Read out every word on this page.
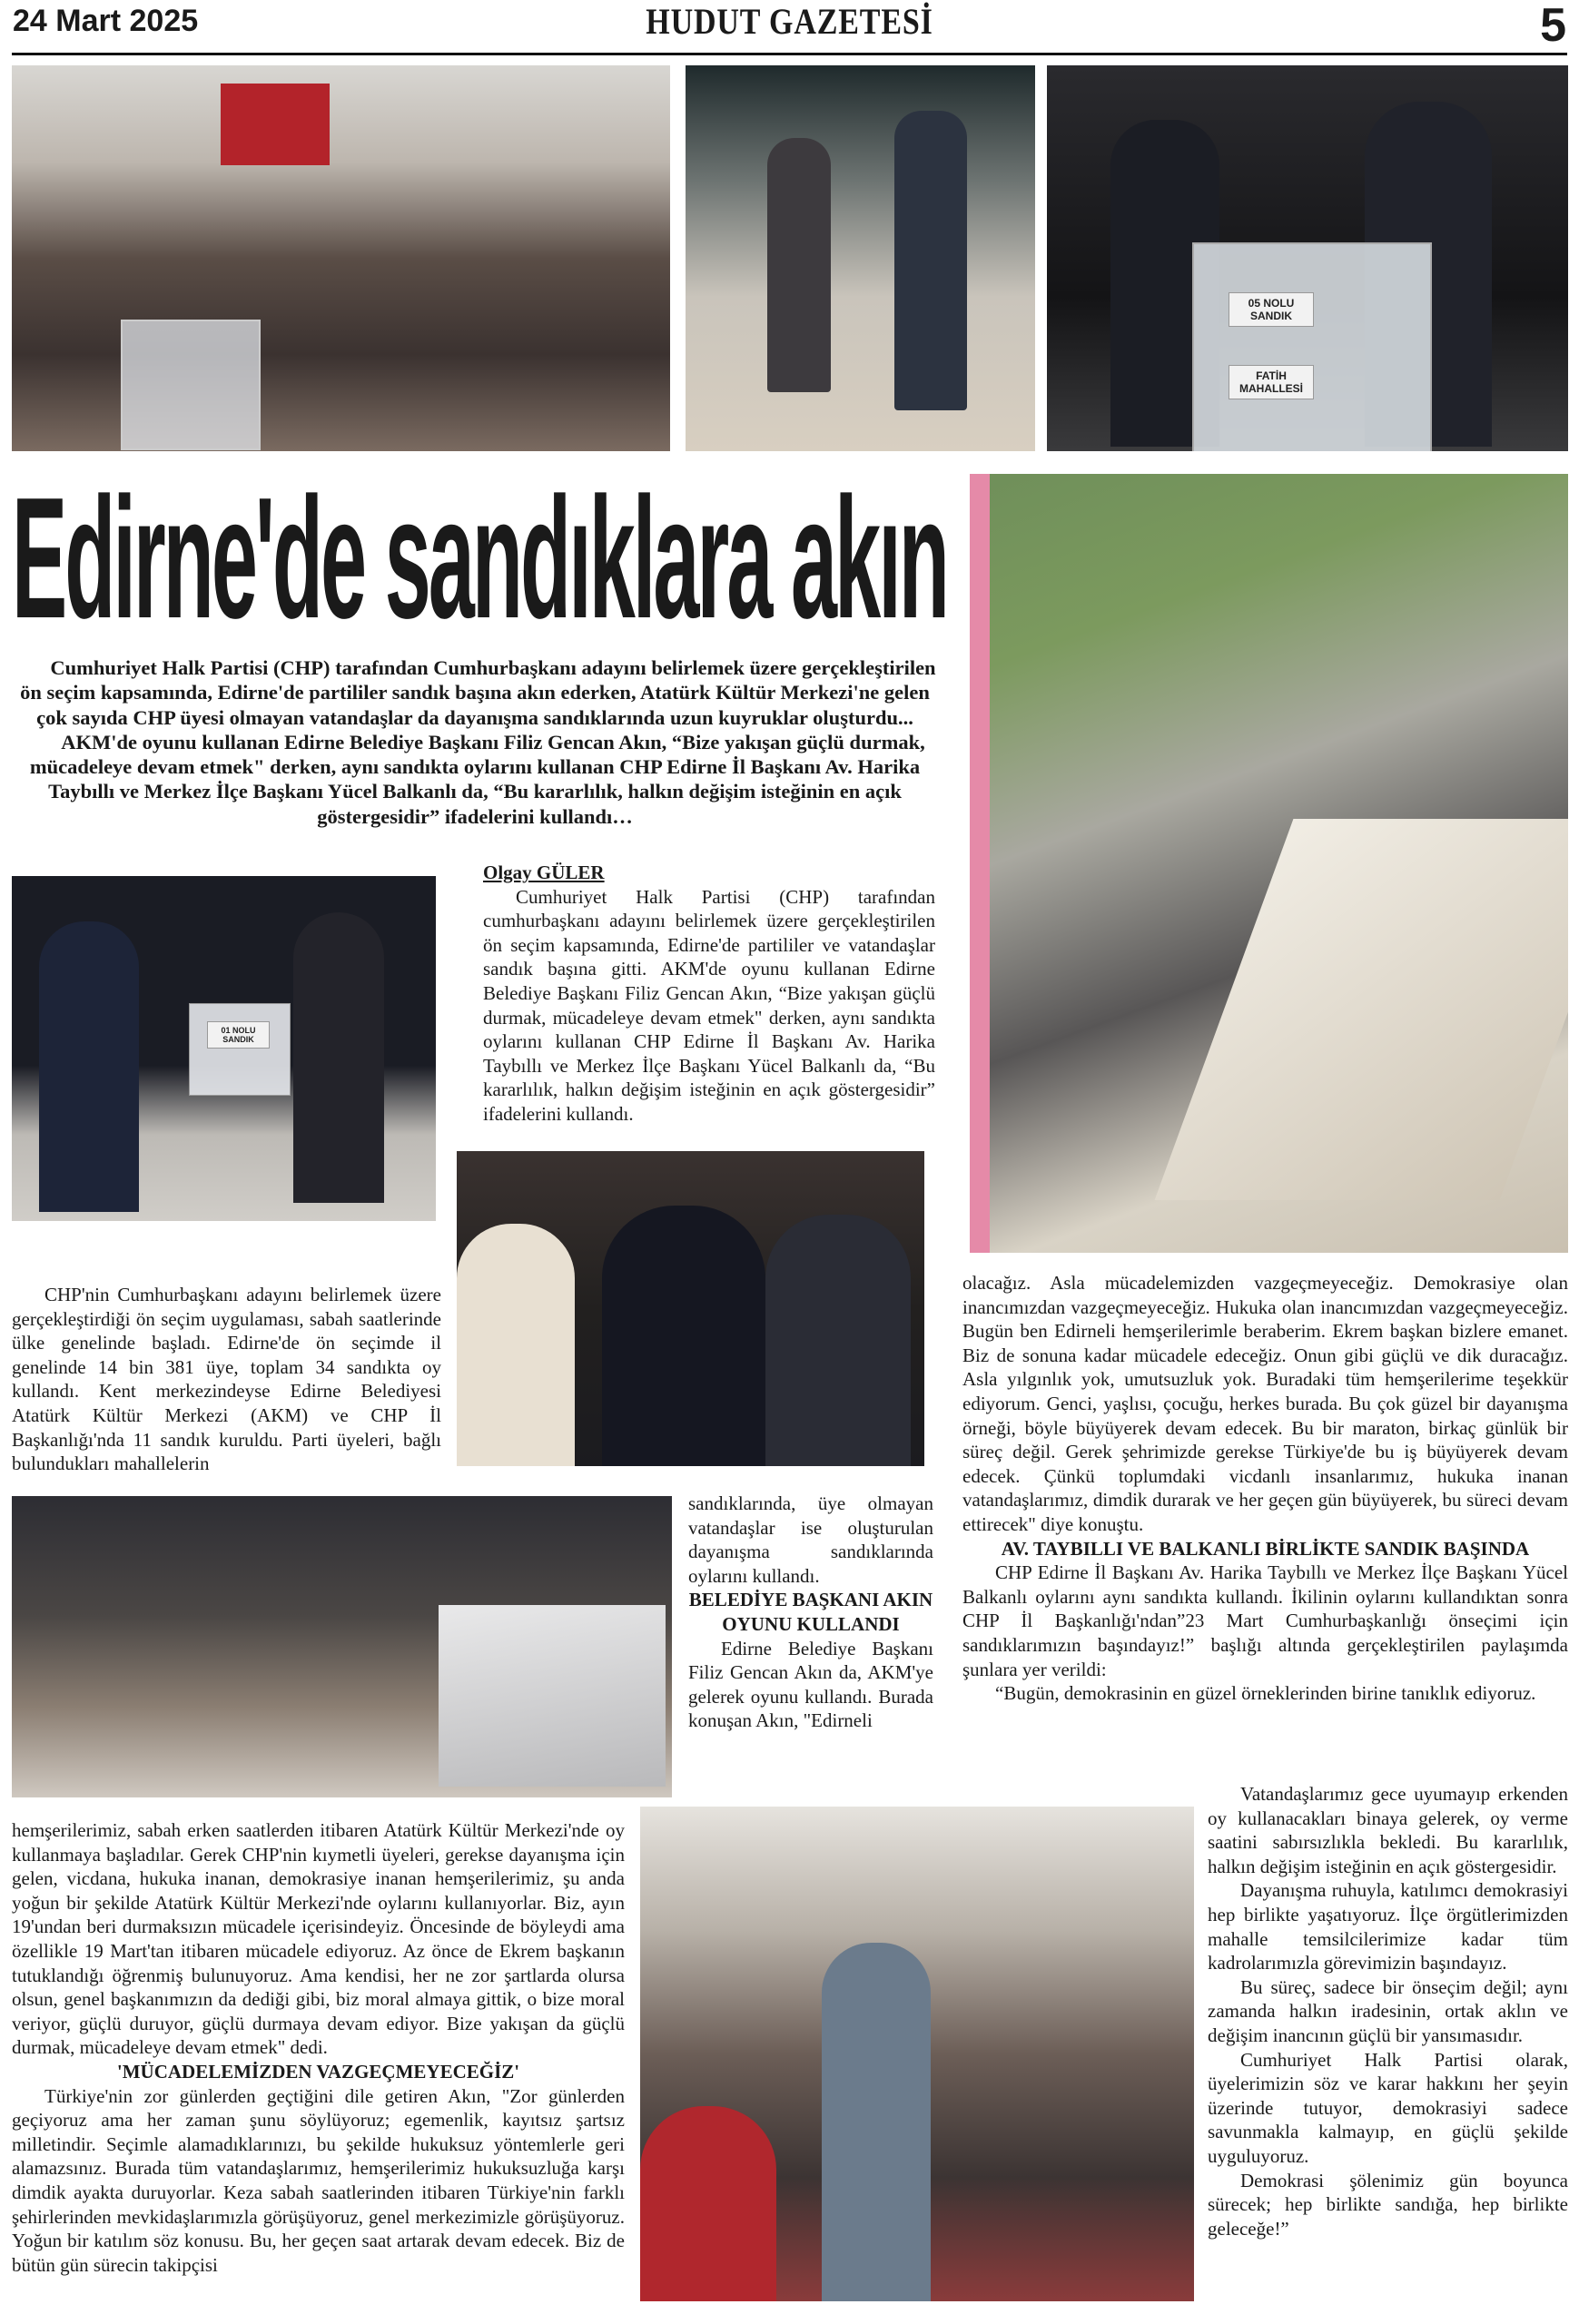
24 Mart 2025	HUDUT GAZETESİ	5
05 NOLU SANDIK
FATİH MAHALLESİ
Edirne'de sandıklara akın

Cumhuriyet Halk Partisi (CHP) tarafından Cumhurbaşkanı adayını belirlemek üzere gerçekleştirilen ön seçim kapsamında, Edirne'de partililer sandık başına akın ederken, Atatürk Kültür Merkezi'ne gelen çok sayıda CHP üyesi olmayan vatandaşlar da dayanışma sandıklarında uzun kuyruklar oluşturdu...

AKM'de oyunu kullanan Edirne Belediye Başkanı Filiz Gencan Akın, “Bize yakışan güçlü durmak, mücadeleye devam etmek" derken, aynı sandıkta oylarını kullanan CHP Edirne İl Başkanı Av. Harika Taybıllı ve Merkez İlçe Başkanı Yücel Balkanlı da, “Bu kararlılık, halkın değişim isteğinin en açık göstergesidir” ifadelerini kullandı…

01 NOLU SANDIK

Olgay GÜLER

Cumhuriyet Halk Partisi (CHP) tarafından cumhurbaşkanı adayını belirlemek üzere gerçekleştirilen ön seçim kapsamında, Edirne'de partililer ve vatandaşlar sandık başına gitti. AKM'de oyunu kullanan Edirne Belediye Başkanı Filiz Gencan Akın, “Bize yakışan güçlü durmak, mücadeleye devam etmek" derken, aynı sandıkta oylarını kullanan CHP Edirne İl Başkanı Av. Harika Taybıllı ve Merkez İlçe Başkanı Yücel Balkanlı da, “Bu kararlılık, halkın değişim isteğinin en açık göstergesidir” ifadelerini kullandı.

CHP'nin Cumhurbaşkanı adayını belirlemek üzere gerçekleştirdiği ön seçim uygulaması, sabah saatlerinde ülke genelinde başladı. Edirne'de ön seçimde il genelinde 14 bin 381 üye, toplam 34 sandıkta oy kullandı. Kent merkezindeyse Edirne Belediyesi Atatürk Kültür Merkezi (AKM) ve CHP İl Başkanlığı'nda 11 sandık kuruldu. Parti üyeleri, bağlı bulundukları mahallelerin

sandıklarında, üye olmayan vatandaşlar ise oluşturulan dayanışma sandıklarında oylarını kullandı.

BELEDİYE BAŞKANI AKIN OYUNU KULLANDI

Edirne Belediye Başkanı Filiz Gencan Akın da, AKM'ye gelerek oyunu kullandı. Burada konuşan Akın, "Edirneli

olacağız. Asla mücadelemizden vazgeçmeyeceğiz. Demokrasiye olan inancımızdan vazgeçmeyeceğiz. Hukuka olan inancımızdan vazgeçmeyeceğiz. Bugün ben Edirneli hemşerilerimle beraberim. Ekrem başkan bizlere emanet. Biz de sonuna kadar mücadele edeceğiz. Onun gibi güçlü ve dik duracağız. Asla yılgınlık yok, umutsuzluk yok. Buradaki tüm hemşerilerime teşekkür ediyorum. Genci, yaşlısı, çocuğu, herkes burada. Bu çok güzel bir dayanışma örneği, böyle büyüyerek devam edecek. Bu bir maraton, birkaç günlük bir süreç değil. Gerek şehrimizde gerekse Türkiye'de bu iş büyüyerek devam edecek. Çünkü toplumdaki vicdanlı insanlarımız, hukuka inanan vatandaşlarımız, dimdik durarak ve her geçen gün büyüyerek, bu süreci devam ettirecek" diye konuştu.

AV. TAYBILLI VE BALKANLI BİRLİKTE SANDIK BAŞINDA

CHP Edirne İl Başkanı Av. Harika Taybıllı ve Merkez İlçe Başkanı Yücel Balkanlı oylarını aynı sandıkta kullandı. İkilinin oylarını kullandıktan sonra CHP İl Başkanlığı'ndan”23 Mart Cumhurbaşkanlığı önseçimi için sandıklarımızın başındayız!” başlığı altında gerçekleştirilen paylaşımda şunlara yer verildi:

“Bugün, demokrasinin en güzel örneklerinden birine tanıklık ediyoruz.

hemşerilerimiz, sabah erken saatlerden itibaren Atatürk Kültür Merkezi'nde oy kullanmaya başladılar. Gerek CHP'nin kıymetli üyeleri, gerekse dayanışma için gelen, vicdana, hukuka inanan, demokrasiye inanan hemşerilerimiz, şu anda yoğun bir şekilde Atatürk Kültür Merkezi'nde oylarını kullanıyorlar. Biz, ayın 19'undan beri durmaksızın mücadele içerisindeyiz. Öncesinde de böyleydi ama özellikle 19 Mart'tan itibaren mücadele ediyoruz. Az önce de Ekrem başkanın tutuklandığı öğrenmiş bulunuyoruz. Ama kendisi, her ne zor şartlarda olursa olsun, genel başkanımızın da dediği gibi, biz moral almaya gittik, o bize moral veriyor, güçlü duruyor, güçlü durmaya devam ediyor. Bize yakışan da güçlü durmak, mücadeleye devam etmek" dedi.

'MÜCADELEMİZDEN VAZGEÇMEYECEĞİZ'

Türkiye'nin zor günlerden geçtiğini dile getiren Akın, "Zor günlerden geçiyoruz ama her zaman şunu söylüyoruz; egemenlik, kayıtsız şartsız milletindir. Seçimle alamadıklarınızı, bu şekilde hukuksuz yöntemlerle geri alamazsınız. Burada tüm vatandaşlarımız, hemşerilerimiz hukuksuzluğa karşı dimdik ayakta duruyorlar. Keza sabah saatlerinden itibaren Türkiye'nin farklı şehirlerinden mevkidaşlarımızla görüşüyoruz, genel merkezimizle görüşüyoruz. Yoğun bir katılım söz konusu. Bu, her geçen saat artarak devam edecek. Biz de bütün gün sürecin takipçisi

Vatandaşlarımız gece uyumayıp erkenden oy kullanacakları binaya gelerek, oy verme saatini sabırsızlıkla bekledi. Bu kararlılık, halkın değişim isteğinin en açık göstergesidir.

Dayanışma ruhuyla, katılımcı demokrasiyi hep birlikte yaşatıyoruz. İlçe örgütlerimizden mahalle temsilcilerimize kadar tüm kadrolarımızla görevimizin başındayız.

Bu süreç, sadece bir önseçim değil; aynı zamanda halkın iradesinin, ortak aklın ve değişim inancının güçlü bir yansımasıdır.

Cumhuriyet Halk Partisi olarak, üyelerimizin söz ve karar hakkını her şeyin üzerinde tutuyor, demokrasiyi sadece savunmakla kalmayıp, en güçlü şekilde uyguluyoruz.

Demokrasi şölenimiz gün boyunca sürecek; hep birlikte sandığa, hep birlikte geleceğe!”
